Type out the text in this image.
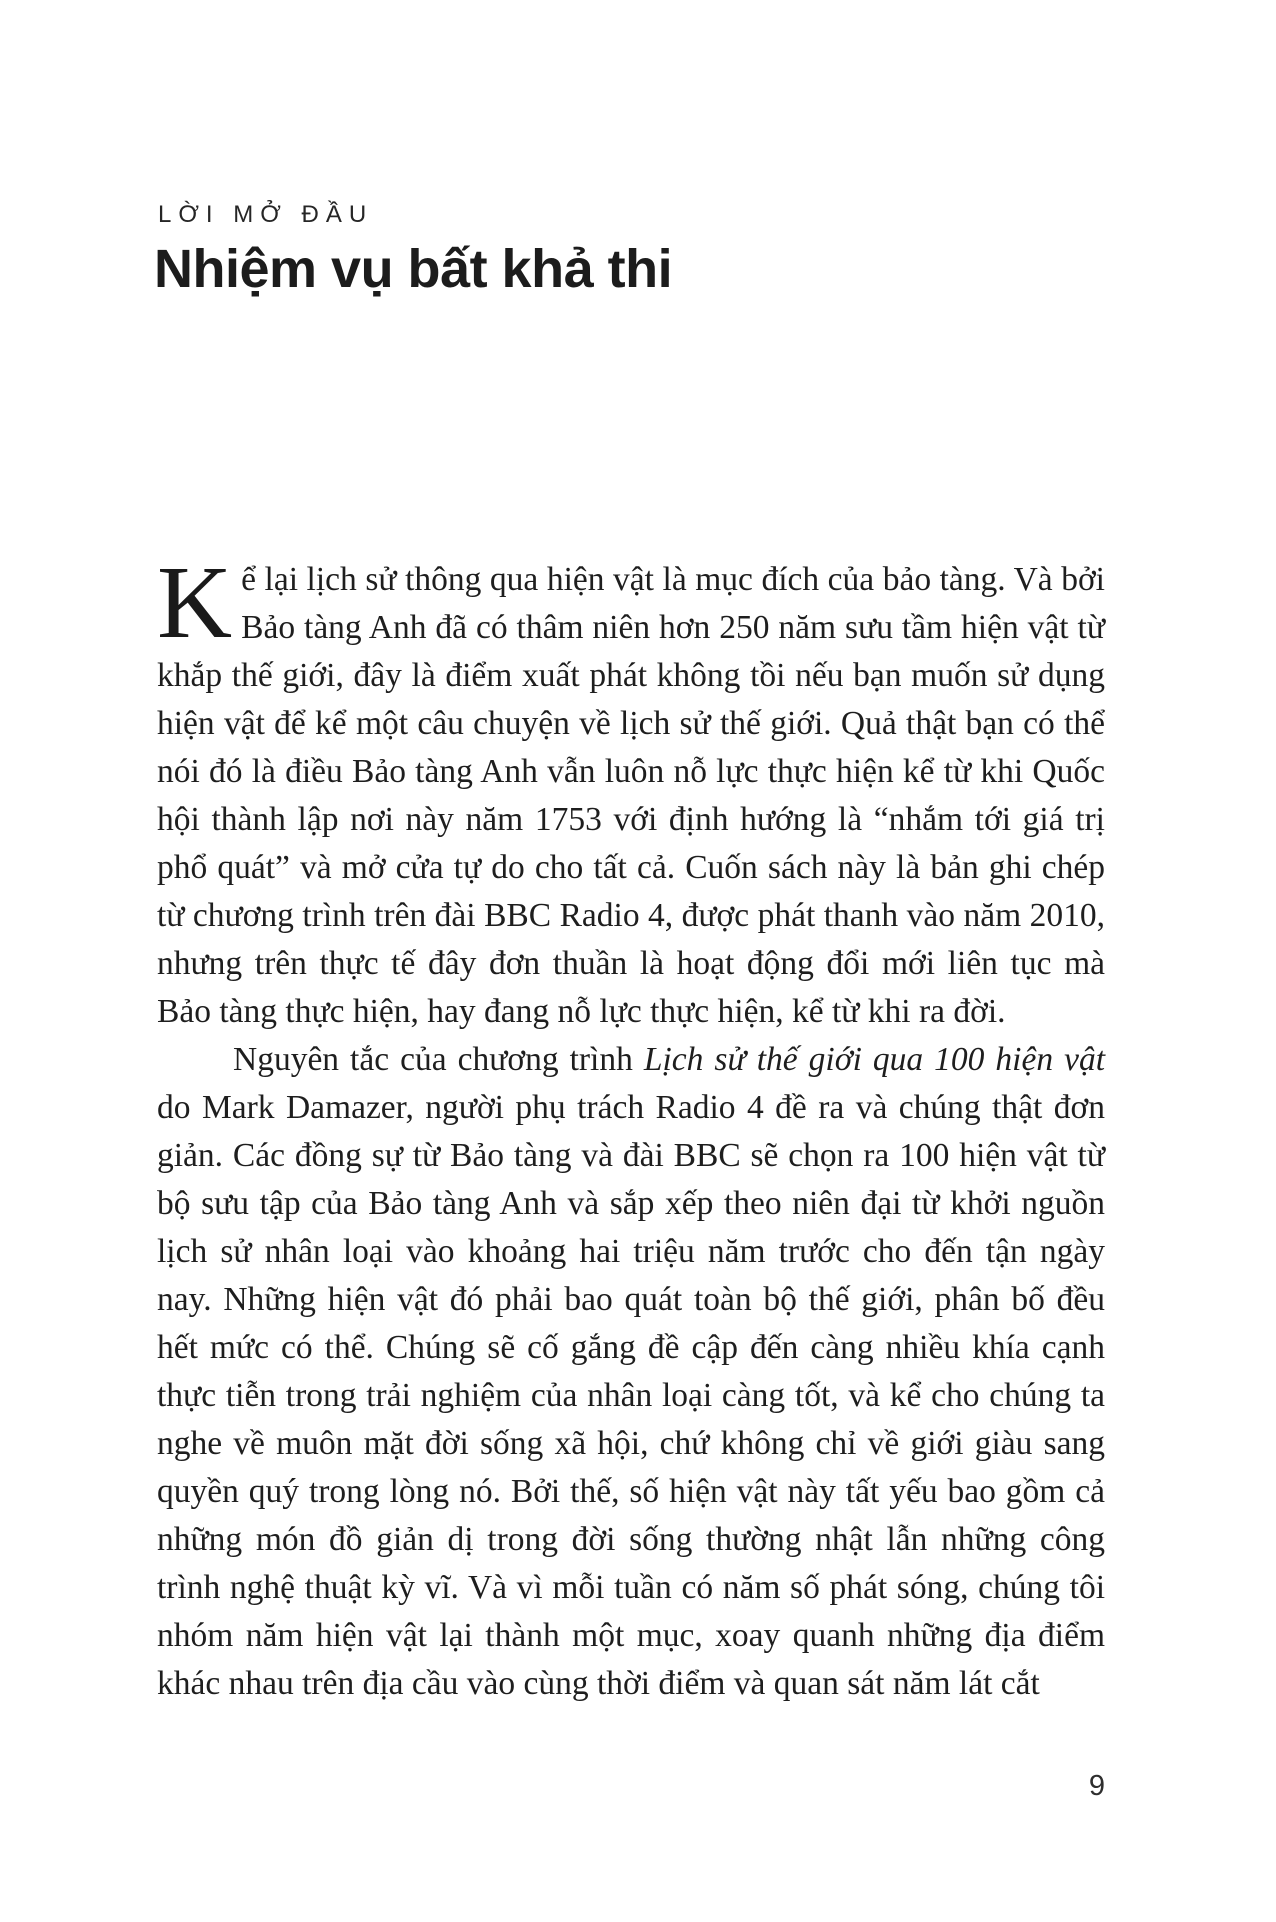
LỜI MỞ ĐẦU
Nhiệm vụ bất khả thi

Kể lại lịch sử thông qua hiện vật là mục đích của bảo tàng. Và bởi Bảo tàng Anh đã có thâm niên hơn 250 năm sưu tầm hiện vật từ khắp thế giới, đây là điểm xuất phát không tồi nếu bạn muốn sử dụng hiện vật để kể một câu chuyện về lịch sử thế giới. Quả thật bạn có thể nói đó là điều Bảo tàng Anh vẫn luôn nỗ lực thực hiện kể từ khi Quốc hội thành lập nơi này năm 1753 với định hướng là “nhắm tới giá trị phổ quát” và mở cửa tự do cho tất cả. Cuốn sách này là bản ghi chép từ chương trình trên đài BBC Radio 4, được phát thanh vào năm 2010, nhưng trên thực tế đây đơn thuần là hoạt động đổi mới liên tục mà Bảo tàng thực hiện, hay đang nỗ lực thực hiện, kể từ khi ra đời.

Nguyên tắc của chương trình Lịch sử thế giới qua 100 hiện vật do Mark Damazer, người phụ trách Radio 4 đề ra và chúng thật đơn giản. Các đồng sự từ Bảo tàng và đài BBC sẽ chọn ra 100 hiện vật từ bộ sưu tập của Bảo tàng Anh và sắp xếp theo niên đại từ khởi nguồn lịch sử nhân loại vào khoảng hai triệu năm trước cho đến tận ngày nay. Những hiện vật đó phải bao quát toàn bộ thế giới, phân bố đều hết mức có thể. Chúng sẽ cố gắng đề cập đến càng nhiều khía cạnh thực tiễn trong trải nghiệm của nhân loại càng tốt, và kể cho chúng ta nghe về muôn mặt đời sống xã hội, chứ không chỉ về giới giàu sang quyền quý trong lòng nó. Bởi thế, số hiện vật này tất yếu bao gồm cả những món đồ giản dị trong đời sống thường nhật lẫn những công trình nghệ thuật kỳ vĩ. Và vì mỗi tuần có năm số phát sóng, chúng tôi nhóm năm hiện vật lại thành một mục, xoay quanh những địa điểm khác nhau trên địa cầu vào cùng thời điểm và quan sát năm lát cắt

9
